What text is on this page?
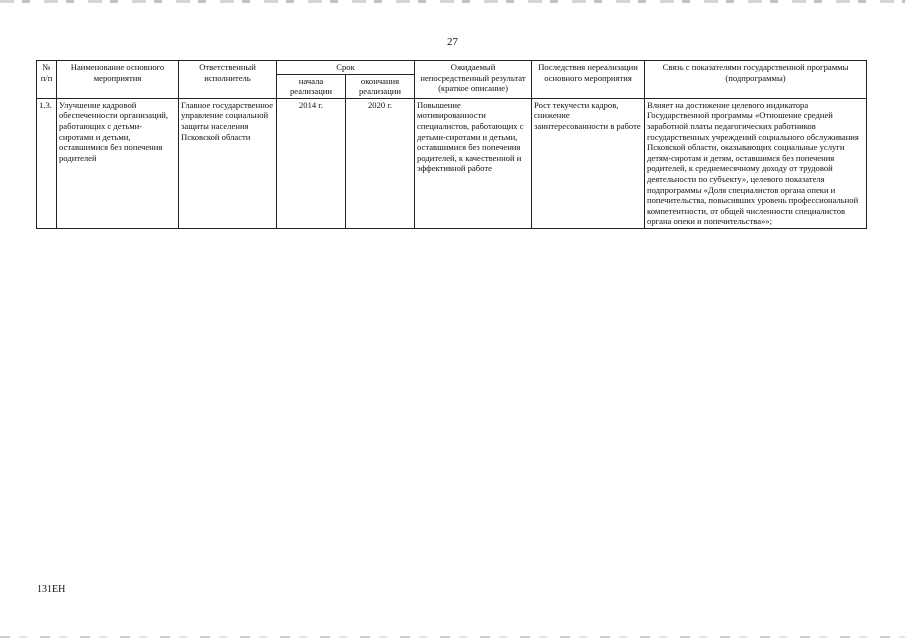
27
№ п/п	Наименование основного мероприятия	Ответственный исполнитель	Срок		Ожидаемый непосредственный результат (краткое описание)	Последствия нереализации основного мероприятия	Связь с показателями государственной программы (подпрограммы)
			начала реализации	окончания реализации			
1.3.	Улучшение кадровой обеспеченности организаций, работающих с детьми-сиротами и детьми, оставшимися без попечения родителей	Главное государственное управление социальной защиты населения Псковской области	2014 г.	2020 г.	Повышение мотивированности специалистов, работающих с детьми-сиротами и детьми, оставшимися без попечения родителей, к качественной и эффективной работе	Рост текучести кадров, снижение заинтересованности в работе	Влияет на достижение целевого индикатора Государственной программы «Отношение средней заработной платы педагогических работников государственных учреждений социального обслуживания Псковской области, оказывающих социальные услуги детям-сиротам и детям, оставшимся без попечения родителей, к среднемесячному доходу от трудовой деятельности по субъекту», целевого показателя подпрограммы «Доля специалистов органа опеки и попечительства, повысивших уровень профессиональной компетентности, от общей численности специалистов органа опеки и попечительства»»;
131EH
